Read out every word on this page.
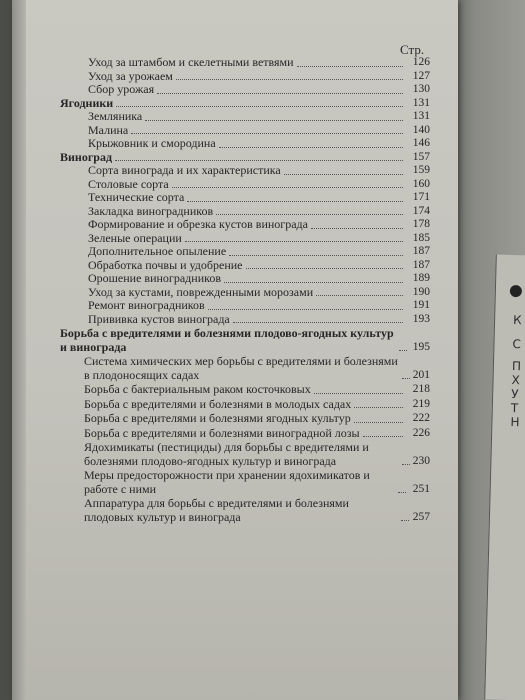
К
С
П
Х
У
Т
Н
Стр.
Уход за штамбом и скелетными ветвями	126
Уход за урожаем	127
Сбор урожая	130
Ягодники	131
Земляника	131
Малина	140
Крыжовник и смородина	146
Виноград	157
Сорта винограда и их характеристика	159
Столовые сорта	160
Технические сорта	171
Закладка виноградников	174
Формирование и обрезка кустов винограда	178
Зеленые операции	185
Дополнительное опыление	187
Обработка почвы и удобрение	187
Орошение виноградников	189
Уход за кустами, поврежденными морозами	190
Ремонт виноградников	191
Прививка кустов винограда	193
Борьба с вредителями и болезнями плодово-ягодных культур и винограда	195
Система химических мер борьбы с вредителями и болезнями в плодоносящих садах	201
Борьба с бактериальным раком косточковых	218
Борьба с вредителями и болезнями в молодых садах	219
Борьба с вредителями и болезнями ягодных культур	222
Борьба с вредителями и болезнями виноградной лозы	226
Ядохимикаты (пестициды) для борьбы с вредителями и болезнями плодово-ягодных культур и винограда	230
Меры предосторожности при хранении ядохимикатов и работе с ними	251
Аппаратура для борьбы с вредителями и болезнями плодовых культур и винограда	257
